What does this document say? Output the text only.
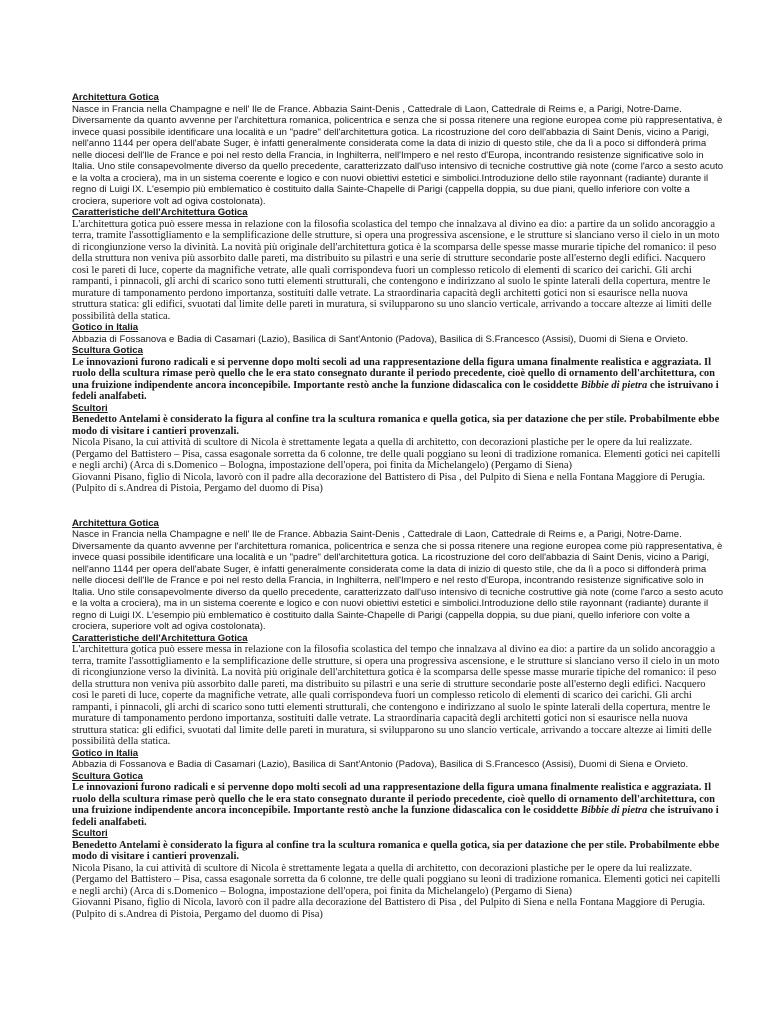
Architettura Gotica

Nasce in Francia nella Champagne e nell' Ile de France. Abbazia Saint-Denis , Cattedrale di Laon, Cattedrale di Reims e, a Parigi, Notre-Dame. Diversamente da quanto avvenne per l'architettura romanica, policentrica e senza che si possa ritenere una regione europea come più rappresentativa, è invece quasi possibile identificare una località e un "padre" dell'architettura gotica. La ricostruzione del coro dell'abbazia di Saint Denis, vicino a Parigi, nell'anno 1144 per opera dell'abate Suger, è infatti generalmente considerata come la data di inizio di questo stile, che da lì a poco si diffonderà prima nelle diocesi dell'Ile de France e poi nel resto della Francia, in Inghilterra, nell'Impero e nel resto d'Europa, incontrando resistenze significative solo in Italia. Uno stile consapevolmente diverso da quello precedente, caratterizzato dall'uso intensivo di tecniche costruttive già note (come l'arco a sesto acuto e la volta a crociera), ma in un sistema coerente e logico e con nuovi obiettivi estetici e simbolici.Introduzione dello stile rayonnant (radiante) durante il regno di Luigi IX. L'esempio più emblematico è costituito dalla Sainte-Chapelle di Parigi (cappella doppia, su due piani, quello inferiore con volte a crociera, superiore volt ad ogiva costolonata).

Caratteristiche dell'Architettura Gotica

L'architettura gotica può essere messa in relazione con la filosofia scolastica del tempo che innalzava al divino ea dio: a partire da un solido ancoraggio a terra, tramite l'assottigliamento e la semplificazione delle strutture, si opera una progressiva ascensione, e le strutture si slanciano verso il cielo in un moto di ricongiunzione verso la divinità. La novità più originale dell'architettura gotica è la scomparsa delle spesse masse murarie tipiche del romanico: il peso della struttura non veniva più assorbito dalle pareti, ma distribuito su pilastri e una serie di strutture secondarie poste all'esterno degli edifici. Nacquero così le pareti di luce, coperte da magnifiche vetrate, alle quali corrispondeva fuori un complesso reticolo di elementi di scarico dei carichi. Gli archi rampanti, i pinnacoli, gli archi di scarico sono tutti elementi strutturali, che contengono e indirizzano al suolo le spinte laterali della copertura, mentre le murature di tamponamento perdono importanza, sostituiti dalle vetrate. La straordinaria capacità degli architetti gotici non si esaurisce nella nuova struttura statica: gli edifici, svuotati dal limite delle pareti in muratura, si svilupparono su uno slancio verticale, arrivando a toccare altezze ai limiti delle possibilità della statica.

Gotico in Italia

Abbazia di Fossanova e Badia di Casamari (Lazio), Basilica di Sant'Antonio (Padova), Basilica di S.Francesco (Assisi), Duomi di Siena e Orvieto.

Scultura Gotica

Le innovazioni furono radicali e si pervenne dopo molti secoli ad una rappresentazione della figura umana finalmente realistica e aggraziata. Il ruolo della scultura rimase però quello che le era stato consegnato durante il periodo precedente, cioè quello di ornamento dell'architettura, con una fruizione indipendente ancora inconcepibile. Importante restò anche la funzione didascalica con le cosiddette Bibbie di pietra che istruivano i fedeli analfabeti.

Scultori

Benedetto Antelami è considerato la figura al confine tra la scultura romanica e quella gotica, sia per datazione che per stile. Probabilmente ebbe modo di visitare i cantieri provenzali.

Nicola Pisano, la cui attività di scultore di Nicola è strettamente legata a quella di architetto, con decorazioni plastiche per le opere da lui realizzate. (Pergamo del Battistero – Pisa, cassa esagonale sorretta da 6 colonne, tre delle quali poggiano su leoni di tradizione romanica. Elementi gotici nei capitelli e negli archi) (Arca di s.Domenico – Bologna, impostazione dell'opera, poi finita da Michelangelo) (Pergamo di Siena)

Giovanni Pisano, figlio di Nicola, lavorò con il padre alla decorazione del Battistero di Pisa , del Pulpito di Siena e nella Fontana Maggiore di Perugia. (Pulpito di s.Andrea di Pistoia, Pergamo del duomo di Pisa)

Architettura Gotica

Nasce in Francia nella Champagne e nell' Ile de France. Abbazia Saint-Denis , Cattedrale di Laon, Cattedrale di Reims e, a Parigi, Notre-Dame. Diversamente da quanto avvenne per l'architettura romanica, policentrica e senza che si possa ritenere una regione europea come più rappresentativa, è invece quasi possibile identificare una località e un "padre" dell'architettura gotica. La ricostruzione del coro dell'abbazia di Saint Denis, vicino a Parigi, nell'anno 1144 per opera dell'abate Suger, è infatti generalmente considerata come la data di inizio di questo stile, che da lì a poco si diffonderà prima nelle diocesi dell'Ile de France e poi nel resto della Francia, in Inghilterra, nell'Impero e nel resto d'Europa, incontrando resistenze significative solo in Italia. Uno stile consapevolmente diverso da quello precedente, caratterizzato dall'uso intensivo di tecniche costruttive già note (come l'arco a sesto acuto e la volta a crociera), ma in un sistema coerente e logico e con nuovi obiettivi estetici e simbolici.Introduzione dello stile rayonnant (radiante) durante il regno di Luigi IX. L'esempio più emblematico è costituito dalla Sainte-Chapelle di Parigi (cappella doppia, su due piani, quello inferiore con volte a crociera, superiore volt ad ogiva costolonata).

Caratteristiche dell'Architettura Gotica

L'architettura gotica può essere messa in relazione con la filosofia scolastica del tempo che innalzava al divino ea dio: a partire da un solido ancoraggio a terra, tramite l'assottigliamento e la semplificazione delle strutture, si opera una progressiva ascensione, e le strutture si slanciano verso il cielo in un moto di ricongiunzione verso la divinità. La novità più originale dell'architettura gotica è la scomparsa delle spesse masse murarie tipiche del romanico: il peso della struttura non veniva più assorbito dalle pareti, ma distribuito su pilastri e una serie di strutture secondarie poste all'esterno degli edifici. Nacquero così le pareti di luce, coperte da magnifiche vetrate, alle quali corrispondeva fuori un complesso reticolo di elementi di scarico dei carichi. Gli archi rampanti, i pinnacoli, gli archi di scarico sono tutti elementi strutturali, che contengono e indirizzano al suolo le spinte laterali della copertura, mentre le murature di tamponamento perdono importanza, sostituiti dalle vetrate. La straordinaria capacità degli architetti gotici non si esaurisce nella nuova struttura statica: gli edifici, svuotati dal limite delle pareti in muratura, si svilupparono su uno slancio verticale, arrivando a toccare altezze ai limiti delle possibilità della statica.

Gotico in Italia

Abbazia di Fossanova e Badia di Casamari (Lazio), Basilica di Sant'Antonio (Padova), Basilica di S.Francesco (Assisi), Duomi di Siena e Orvieto.

Scultura Gotica

Le innovazioni furono radicali e si pervenne dopo molti secoli ad una rappresentazione della figura umana finalmente realistica e aggraziata. Il ruolo della scultura rimase però quello che le era stato consegnato durante il periodo precedente, cioè quello di ornamento dell'architettura, con una fruizione indipendente ancora inconcepibile. Importante restò anche la funzione didascalica con le cosiddette Bibbie di pietra che istruivano i fedeli analfabeti.

Scultori

Benedetto Antelami è considerato la figura al confine tra la scultura romanica e quella gotica, sia per datazione che per stile. Probabilmente ebbe modo di visitare i cantieri provenzali.

Nicola Pisano, la cui attività di scultore di Nicola è strettamente legata a quella di architetto, con decorazioni plastiche per le opere da lui realizzate. (Pergamo del Battistero – Pisa, cassa esagonale sorretta da 6 colonne, tre delle quali poggiano su leoni di tradizione romanica. Elementi gotici nei capitelli e negli archi) (Arca di s.Domenico – Bologna, impostazione dell'opera, poi finita da Michelangelo) (Pergamo di Siena)

Giovanni Pisano, figlio di Nicola, lavorò con il padre alla decorazione del Battistero di Pisa , del Pulpito di Siena e nella Fontana Maggiore di Perugia. (Pulpito di s.Andrea di Pistoia, Pergamo del duomo di Pisa)
